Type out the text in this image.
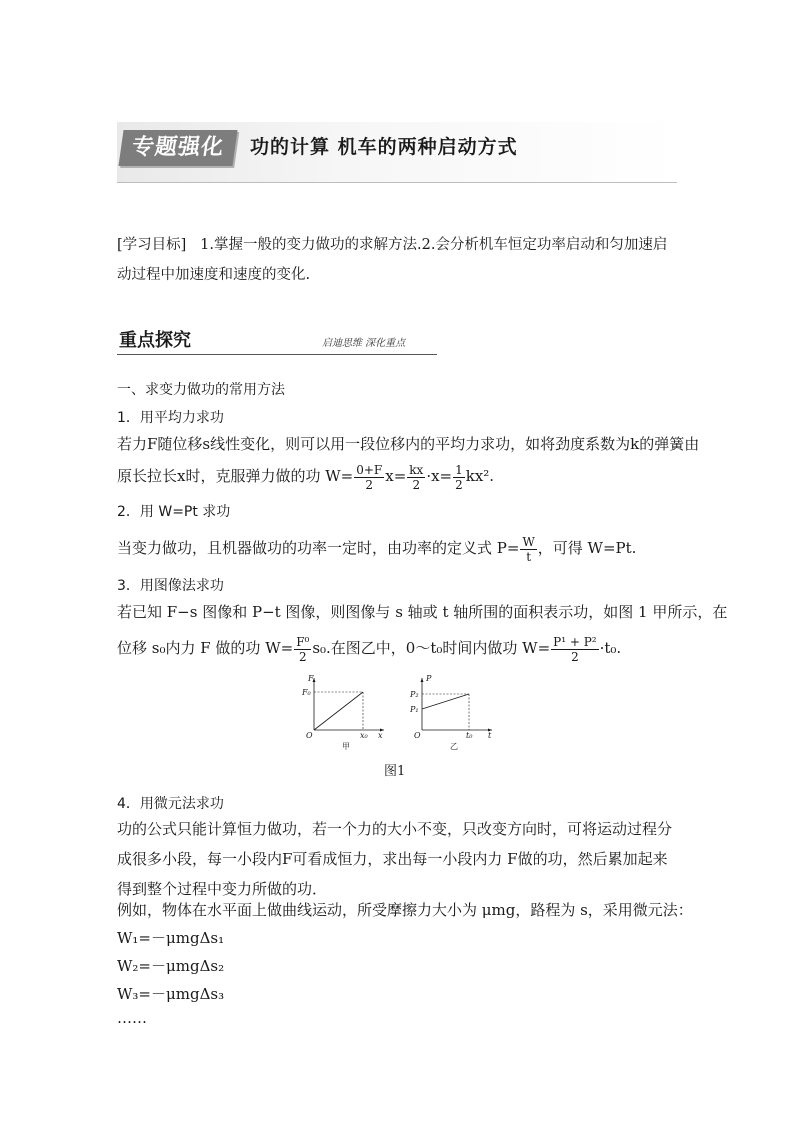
专题强化	功的计算 机车的两种启动方式
[学习目标] 1.掌握一般的变力做功的求解方法.2.会分析机车恒定功率启动和匀加速启动过程中加速度和速度的变化.
重点探究	启迪思维 深化重点
一、求变力做功的常用方法
1．用平均力求功
若力F随位移s线性变化，则可以用一段位移内的平均力求功，如将劲度系数为k的弹簧由
原长拉长x时，克服弹力做的功 $W= \frac{0+F}{2} x= \frac{kx}{2} \cdot x= \frac{1}{2} kx^2$.
2．用 W=Pt 求功
当变力做功，且机器做功的功率一定时，由功率的定义式 $P= \frac{W}{t}$ ，可得 W=Pt.
3．用图像法求功
若已知 F−s 图像和 P−t 图像，则图像与 s 轴或 t 轴所围的面积表示功，如图 1 甲所示，在
位移 s₀内力 F 做的功 $W= \frac{\text{F⁰}}{2} s_0$.在图乙中，0～t₀时间内做功 $W= \frac{\text{P¹ + P²}}{2} \cdot t_0$.
F
F₀
O	x₀ x
甲
P
P₂
P₁
O	t₀ t
乙
图1
4．用微元法求功
功的公式只能计算恒力做功，若一个力的大小不变，只改变方向时，可将运动过程分成很多小段，每一小段内F可看成恒力，求出每一小段内力 F做的功，然后累加起来得到整个过程中变力所做的功．
例如，物体在水平面上做曲线运动，所受摩擦力大小为 μmg，路程为 s，采用微元法：
W₁=－μmgΔs₁
W₂=－μmgΔs₂
W₃=－μmgΔs₃
……
